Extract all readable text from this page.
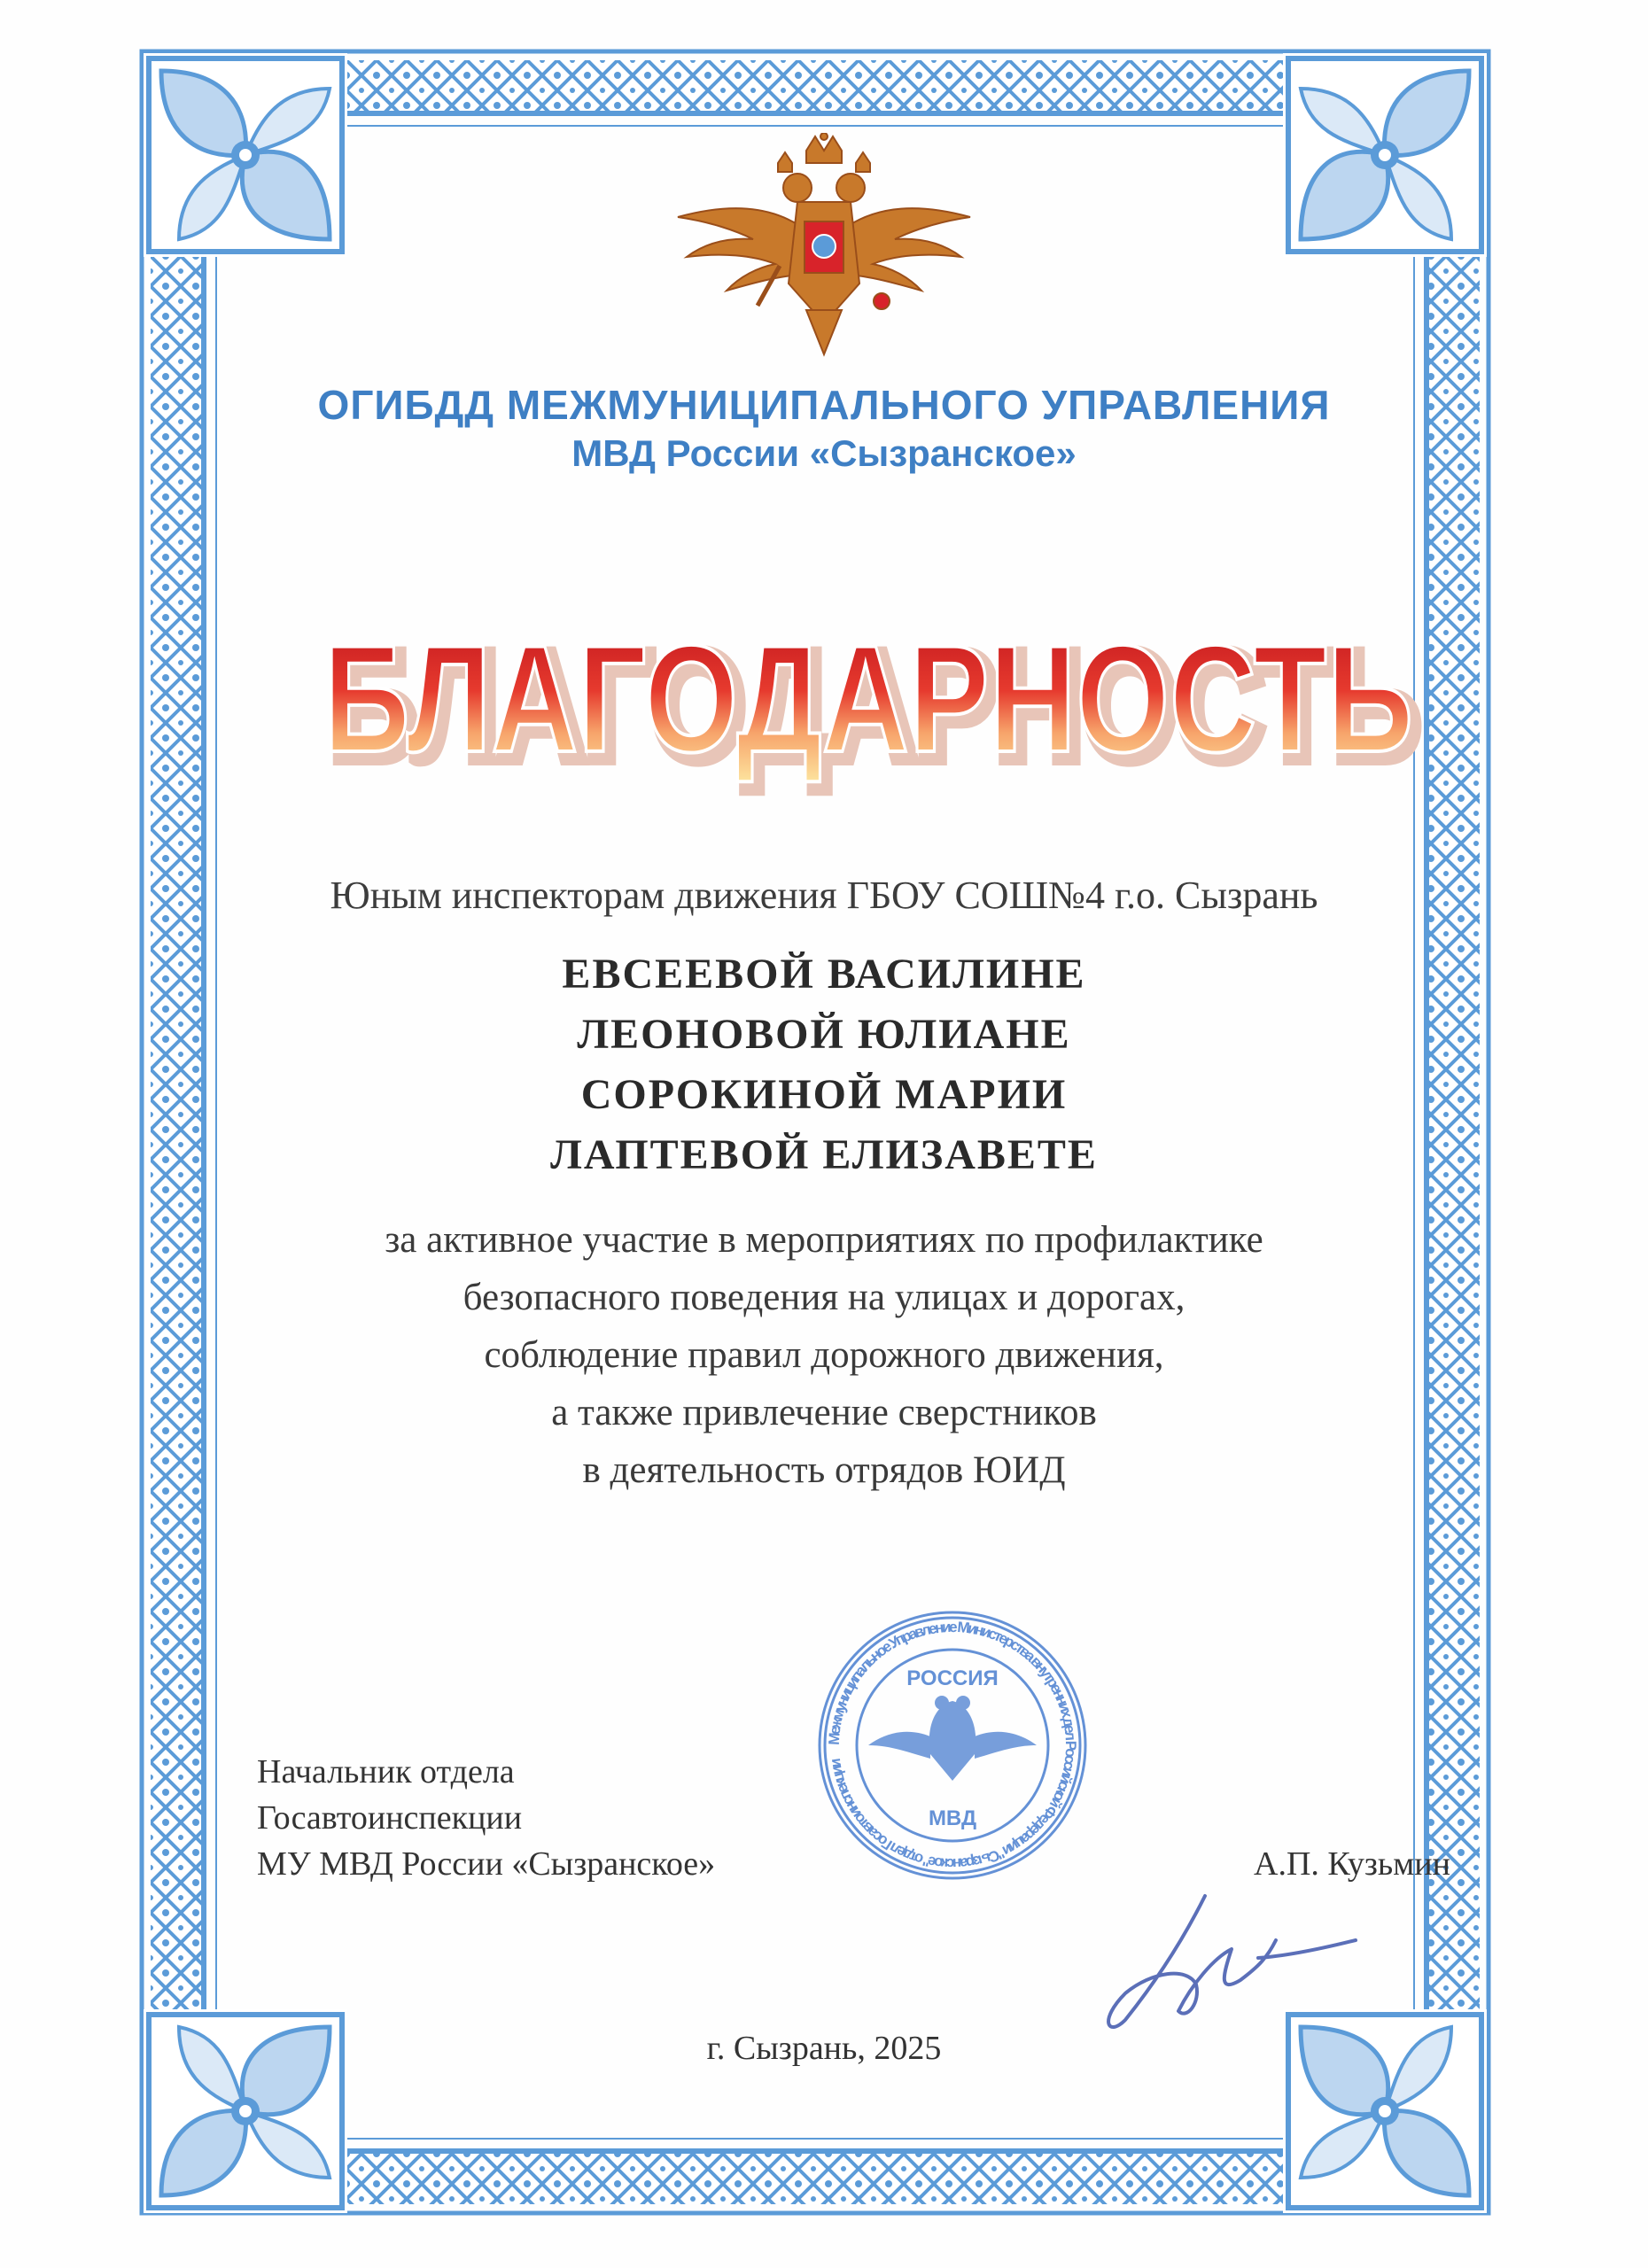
ОГИБДД МЕЖМУНИЦИПАЛЬНОГО УПРАВЛЕНИЯ
МВД России «Сызранское»
БЛАГОДАРНОСТЬ
БЛАГОДАРНОСТЬ
Юным инспекторам движения ГБОУ СОШ№4 г.о. Сызрань
ЕВСЕЕВОЙ ВАСИЛИНЕ
ЛЕОНОВОЙ ЮЛИАНЕ
СОРОКИНОЙ МАРИИ
ЛАПТЕВОЙ ЕЛИЗАВЕТЕ
за активное участие в мероприятиях по профилактике
безопасного поведения на улицах и дорогах,
соблюдение правил дорожного движения,
а также привлечение сверстников
в деятельность отрядов ЮИД
Межмуниципальное Управление Министерства внутренних дел Российской Федерации "Сызранское" отдел Госавтоинспекции
РОССИЯ
МВД
Начальник отдела
Госавтоинспекции
МУ МВД России «Сызранское»	А.П. Кузьмин
г. Сызрань, 2025
